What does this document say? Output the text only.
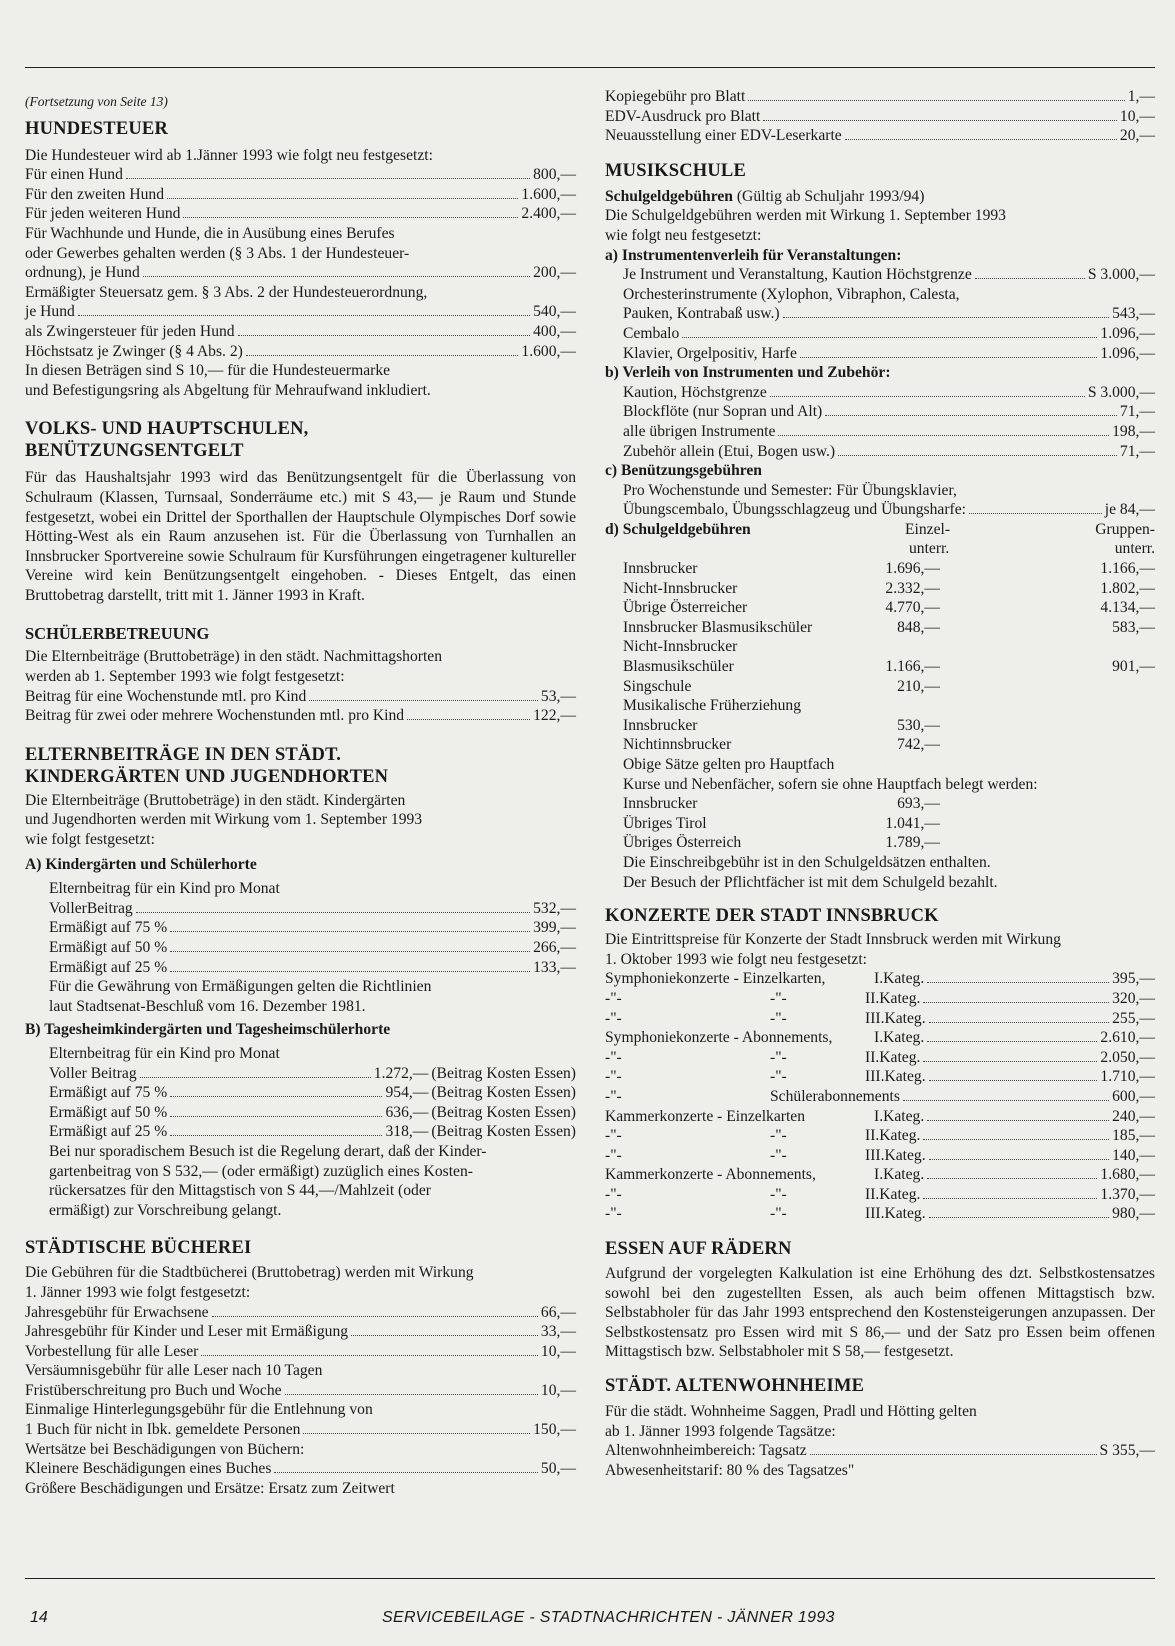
(Fortsetzung von Seite 13)
HUNDESTEUER
Die Hundesteuer wird ab 1.Jänner 1993 wie folgt neu festgesetzt:
Für einen Hund	800,—
Für den zweiten Hund	1.600,—
Für jeden weiteren Hund	2.400,—
Für Wachhunde und Hunde, die in Ausübung eines Berufes
oder Gewerbes gehalten werden (§ 3 Abs. 1 der Hundesteuer-
ordnung), je Hund	200,—
Ermäßigter Steuersatz gem. § 3 Abs. 2 der Hundesteuerordnung,
je Hund	540,—
als Zwingersteuer für jeden Hund	400,—
Höchstsatz je Zwinger (§ 4 Abs. 2)	1.600,—
In diesen Beträgen sind S 10,— für die Hundesteuermarke
und Befestigungsring als Abgeltung für Mehraufwand inkludiert.
VOLKS- UND HAUPTSCHULEN,
BENÜTZUNGSENTGELT

Für das Haushaltsjahr 1993 wird das Benützungsentgelt für die Überlassung von Schulraum (Klassen, Turnsaal, Sonderräume etc.) mit S 43,— je Raum und Stunde festgesetzt, wobei ein Drittel der Sporthallen der Hauptschule Olympisches Dorf sowie Hötting-West als ein Raum anzusehen ist. Für die Überlassung von Turnhallen an Innsbrucker Sportvereine sowie Schulraum für Kursführungen eingetragener kultureller Vereine wird kein Benützungsentgelt eingehoben. - Dieses Entgelt, das einen Bruttobetrag darstellt, tritt mit 1. Jänner 1993 in Kraft.

SCHÜLERBETREUUNG
Die Elternbeiträge (Bruttobeträge) in den städt. Nachmittagshorten
werden ab 1. September 1993 wie folgt festgesetzt:
Beitrag für eine Wochenstunde mtl. pro Kind	53,—
Beitrag für zwei oder mehrere Wochenstunden mtl. pro Kind	122,—
ELTERNBEITRÄGE IN DEN STÄDT.
KINDERGÄRTEN UND JUGENDHORTEN
Die Elternbeiträge (Bruttobeträge) in den städt. Kindergärten
und Jugendhorten werden mit Wirkung vom 1. September 1993
wie folgt festgesetzt:
A) Kindergärten und Schülerhorte
Elternbeitrag für ein Kind pro Monat
VollerBeitrag	532,—
Ermäßigt auf 75 %	399,—
Ermäßigt auf 50 %	266,—
Ermäßigt auf 25 %	133,—
Für die Gewährung von Ermäßigungen gelten die Richtlinien
laut Stadtsenat-Beschluß vom 16. Dezember 1981.
B) Tagesheimkindergärten und Tagesheimschülerhorte
Elternbeitrag für ein Kind pro Monat
Voller Beitrag	1.272,— (Beitrag Kosten Essen)
Ermäßigt auf 75 %	954,— (Beitrag Kosten Essen)
Ermäßigt auf 50 %	636,— (Beitrag Kosten Essen)
Ermäßigt auf 25 %	318,— (Beitrag Kosten Essen)
Bei nur sporadischem Besuch ist die Regelung derart, daß der Kinder-
gartenbeitrag von S 532,— (oder ermäßigt) zuzüglich eines Kosten-
rückersatzes für den Mittagstisch von S 44,—/Mahlzeit (oder
ermäßigt) zur Vorschreibung gelangt.
STÄDTISCHE BÜCHEREI
Die Gebühren für die Stadtbücherei (Bruttobetrag) werden mit Wirkung
1. Jänner 1993 wie folgt festgesetzt:
Jahresgebühr für Erwachsene	66,—
Jahresgebühr für Kinder und Leser mit Ermäßigung	33,—
Vorbestellung für alle Leser	10,—
Versäumnisgebühr für alle Leser nach 10 Tagen
Fristüberschreitung pro Buch und Woche	10,—
Einmalige Hinterlegungsgebühr für die Entlehnung von
1 Buch für nicht in Ibk. gemeldete Personen	150,—
Wertsätze bei Beschädigungen von Büchern:
Kleinere Beschädigungen eines Buches	50,—
Größere Beschädigungen und Ersätze: Ersatz zum Zeitwert
Kopiegebühr pro Blatt	1,—
EDV-Ausdruck pro Blatt	10,—
Neuausstellung einer EDV-Leserkarte	20,—
MUSIKSCHULE
Schulgeldgebühren (Gültig ab Schuljahr 1993/94)
Die Schulgeldgebühren werden mit Wirkung 1. September 1993
wie folgt neu festgesetzt:
a) Instrumentenverleih für Veranstaltungen:
Je Instrument und Veranstaltung, Kaution Höchstgrenze	S 3.000,—
Orchesterinstrumente (Xylophon, Vibraphon, Calesta,
Pauken, Kontrabaß usw.)	543,—
Cembalo	1.096,—
Klavier, Orgelpositiv, Harfe	1.096,—
b) Verleih von Instrumenten und Zubehör:
Kaution, Höchstgrenze	S 3.000,—
Blockflöte (nur Sopran und Alt)	71,—
alle übrigen Instrumente	198,—
Zubehör allein (Etui, Bogen usw.)	71,—
c) Benützungsgebühren
Pro Wochenstunde und Semester: Für Übungsklavier,
Übungscembalo, Übungsschlagzeug und Übungsharfe:	je 84,—
d) Schulgeldgebühren	Einzel-	Gruppen-
unterr.	unterr.
Innsbrucker	1.696,—	1.166,—
Nicht-Innsbrucker	2.332,—	1.802,—
Übrige Österreicher	4.770,—	4.134,—
Innsbrucker Blasmusikschüler	848,—	583,—
Nicht-Innsbrucker
Blasmusikschüler	1.166,—	901,—
Singschule	210,—
Musikalische Früherziehung
Innsbrucker	530,—
Nichtinnsbrucker	742,—
Obige Sätze gelten pro Hauptfach
Kurse und Nebenfächer, sofern sie ohne Hauptfach belegt werden:
Innsbrucker	693,—
Übriges Tirol	1.041,—
Übriges Österreich	1.789,—
Die Einschreibgebühr ist in den Schulgeldsätzen enthalten.
Der Besuch der Pflichtfächer ist mit dem Schulgeld bezahlt.
KONZERTE DER STADT INNSBRUCK
Die Eintrittspreise für Konzerte der Stadt Innsbruck werden mit Wirkung
1. Oktober 1993 wie folgt neu festgesetzt:
Symphoniekonzerte - Einzelkarten,	I.Kateg.	395,—
-"-	-"-	II.Kateg.	320,—
-"-	-"-	III.Kateg.	255,—
Symphoniekonzerte - Abonnements,	I.Kateg.	2.610,—
-"-	-"-	II.Kateg.	2.050,—
-"-	-"-	III.Kateg.	1.710,—
-"-	Schülerabonnements	600,—
Kammerkonzerte - Einzelkarten	I.Kateg.	240,—
-"-	-"-	II.Kateg.	185,—
-"-	-"-	III.Kateg.	140,—
Kammerkonzerte - Abonnements,	I.Kateg.	1.680,—
-"-	-"-	II.Kateg.	1.370,—
-"-	-"-	III.Kateg.	980,—
ESSEN AUF RÄDERN

Aufgrund der vorgelegten Kalkulation ist eine Erhöhung des dzt. Selbstkostensatzes sowohl bei den zugestellten Essen, als auch beim offenen Mittagstisch bzw. Selbstabholer für das Jahr 1993 entsprechend den Kostensteigerungen anzupassen. Der Selbstkostensatz pro Essen wird mit S 86,— und der Satz pro Essen beim offenen Mittagstisch bzw. Selbstabholer mit S 58,— festgesetzt.

STÄDT. ALTENWOHNHEIME
Für die städt. Wohnheime Saggen, Pradl und Hötting gelten
ab 1. Jänner 1993 folgende Tagsätze:
Altenwohnheimbereich: Tagsatz	S 355,—
Abwesenheitstarif: 80 % des Tagsatzes"
14	SERVICEBEILAGE - STADTNACHRICHTEN - JÄNNER 1993
